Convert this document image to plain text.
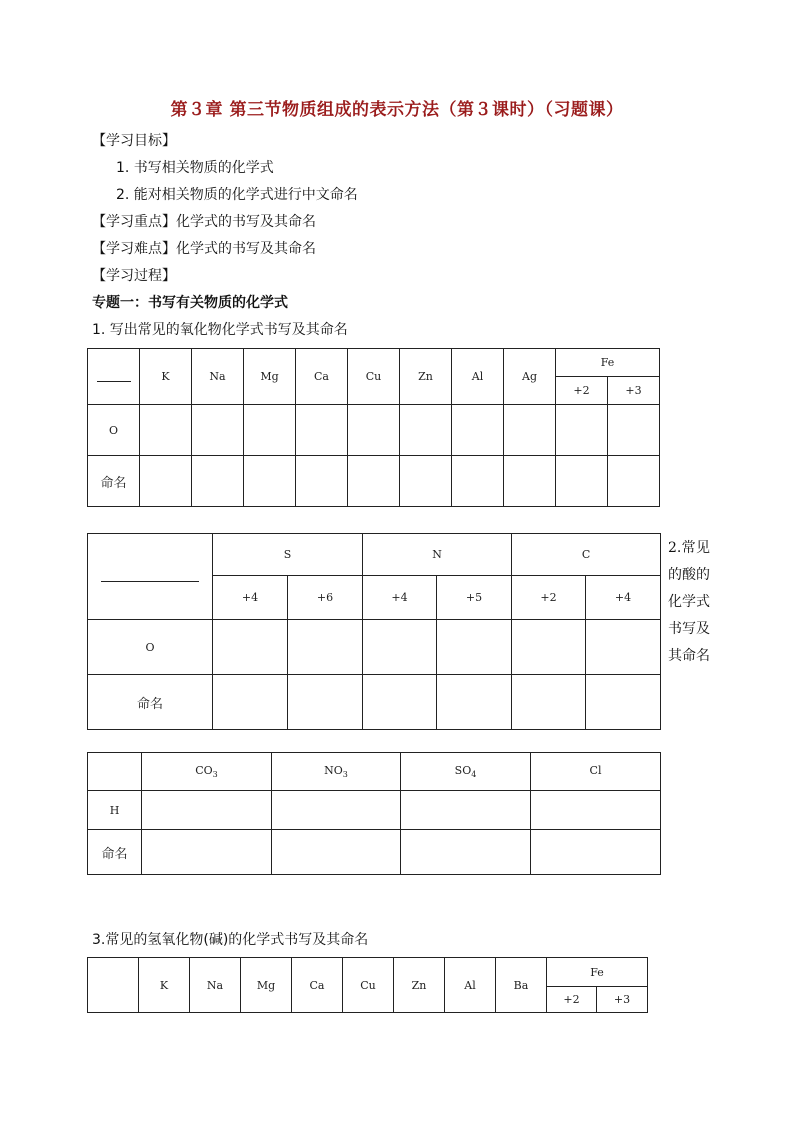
第３章 第三节物质组成的表示方法（第３课时）（习题课）
【学习目标】
1. 书写相关物质的化学式
2. 能对相关物质的化学式进行中文命名
【学习重点】化学式的书写及其命名
【学习难点】化学式的书写及其命名
【学习过程】
专题一：书写有关物质的化学式
1. 写出常见的氧化物化学式书写及其命名
	K	Na	Mg	Ca	Cu	Zn	Al	Ag	Fe	
									+2	+3
O										
命名										
	S		N		C	
	+4	+6	+4	+5	+2	+4
O						
命名						
2.常见的酸的化学式书写及其命名
	$CO_3$	$NO_3$	$SO_4$	Cl
H				
命名				
3.常见的氢氧化物(碱)的化学式书写及其命名
	K	Na	Mg	Ca	Cu	Zn	Al	Ba	Fe	
									+2	+3
